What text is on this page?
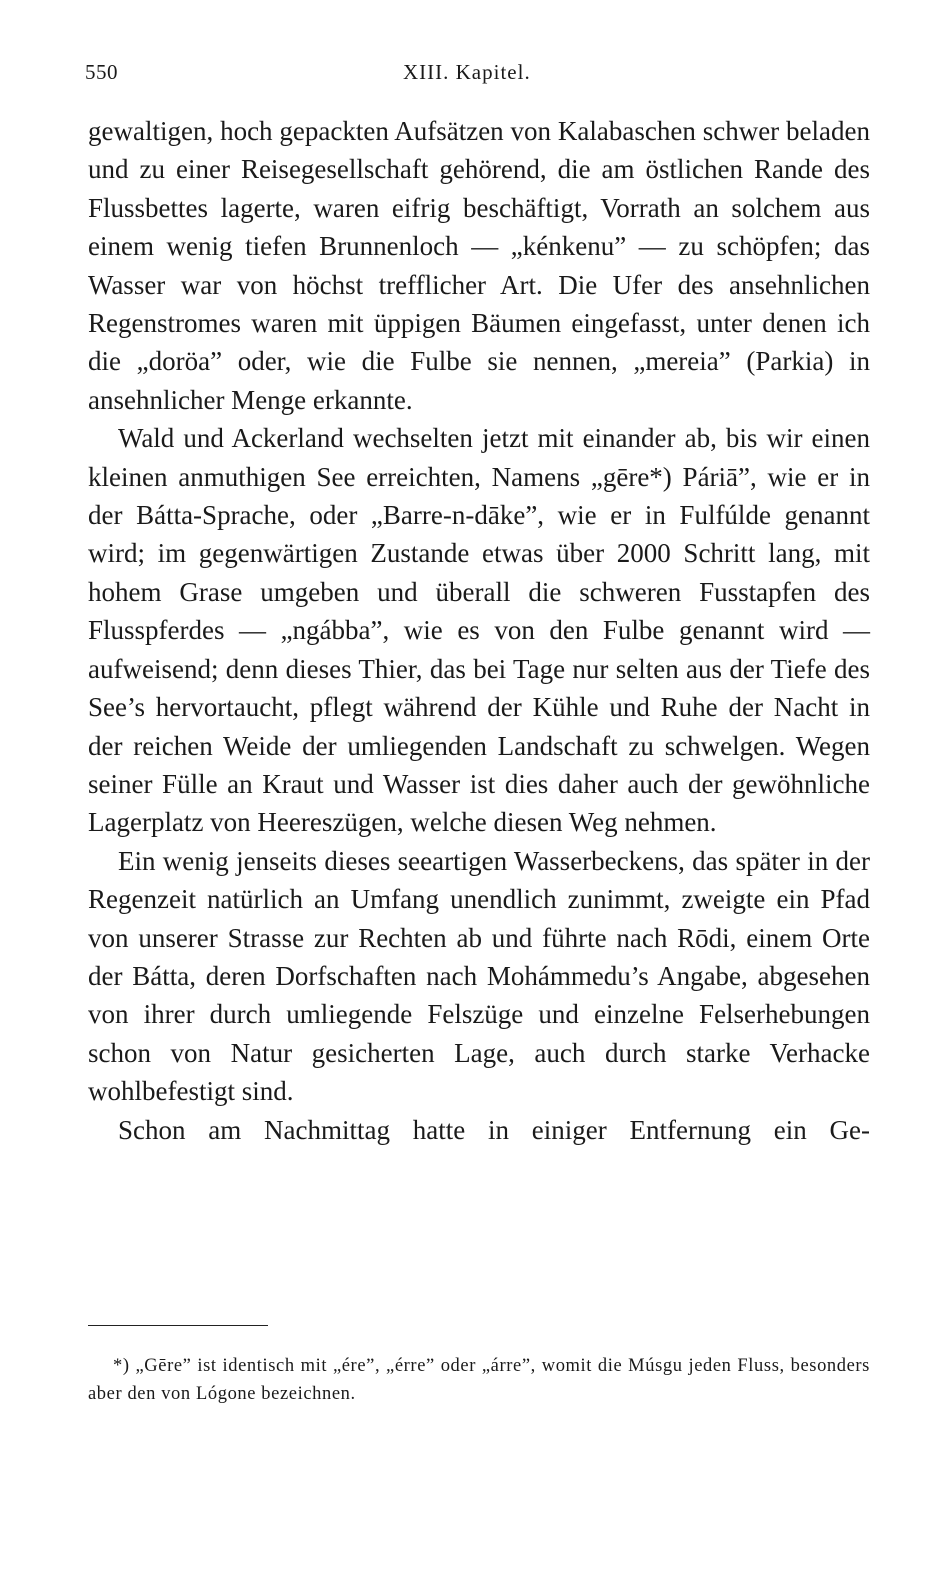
550	XIII. Kapitel.

gewaltigen, hoch gepackten Aufsätzen von Kalabaschen schwer beladen und zu einer Reisegesellschaft gehörend, die am östlichen Rande des Flussbettes lagerte, waren eifrig beschäftigt, Vorrath an solchem aus einem wenig tiefen Brunnenloch — „kénkenu” — zu schöpfen; das Wasser war von höchst trefflicher Art. Die Ufer des ansehnlichen Regenstromes waren mit üppigen Bäumen eingefasst, unter denen ich die „doröa” oder, wie die Fulbe sie nennen, „mereia” (Parkia) in ansehnlicher Menge erkannte.

Wald und Ackerland wechselten jetzt mit einander ab, bis wir einen kleinen anmuthigen See erreichten, Namens „gēre*) Páriā”, wie er in der Bátta-Sprache, oder „Barre-n-dāke”, wie er in Fulfúlde genannt wird; im gegenwärtigen Zustande etwas über 2000 Schritt lang, mit hohem Grase umgeben und überall die schweren Fusstapfen des Flusspferdes — „ngábba”, wie es von den Fulbe genannt wird — aufweisend; denn dieses Thier, das bei Tage nur selten aus der Tiefe des See’s hervortaucht, pflegt während der Kühle und Ruhe der Nacht in der reichen Weide der umliegenden Landschaft zu schwelgen. Wegen seiner Fülle an Kraut und Wasser ist dies daher auch der gewöhnliche Lagerplatz von Heereszügen, welche diesen Weg nehmen.

Ein wenig jenseits dieses seeartigen Wasserbeckens, das später in der Regenzeit natürlich an Umfang unendlich zunimmt, zweigte ein Pfad von unserer Strasse zur Rechten ab und führte nach Rōdi, einem Orte der Bátta, deren Dorfschaften nach Mohámmedu’s Angabe, abgesehen von ihrer durch umliegende Felszüge und einzelne Felserhebungen schon von Natur gesicherten Lage, auch durch starke Verhacke wohlbefestigt sind.

Schon am Nachmittag hatte in einiger Entfernung ein Ge-

*) „Gēre” ist identisch mit „ére”, „érre” oder „árre”, womit die Músgu jeden Fluss, besonders aber den von Lógone bezeichnen.
